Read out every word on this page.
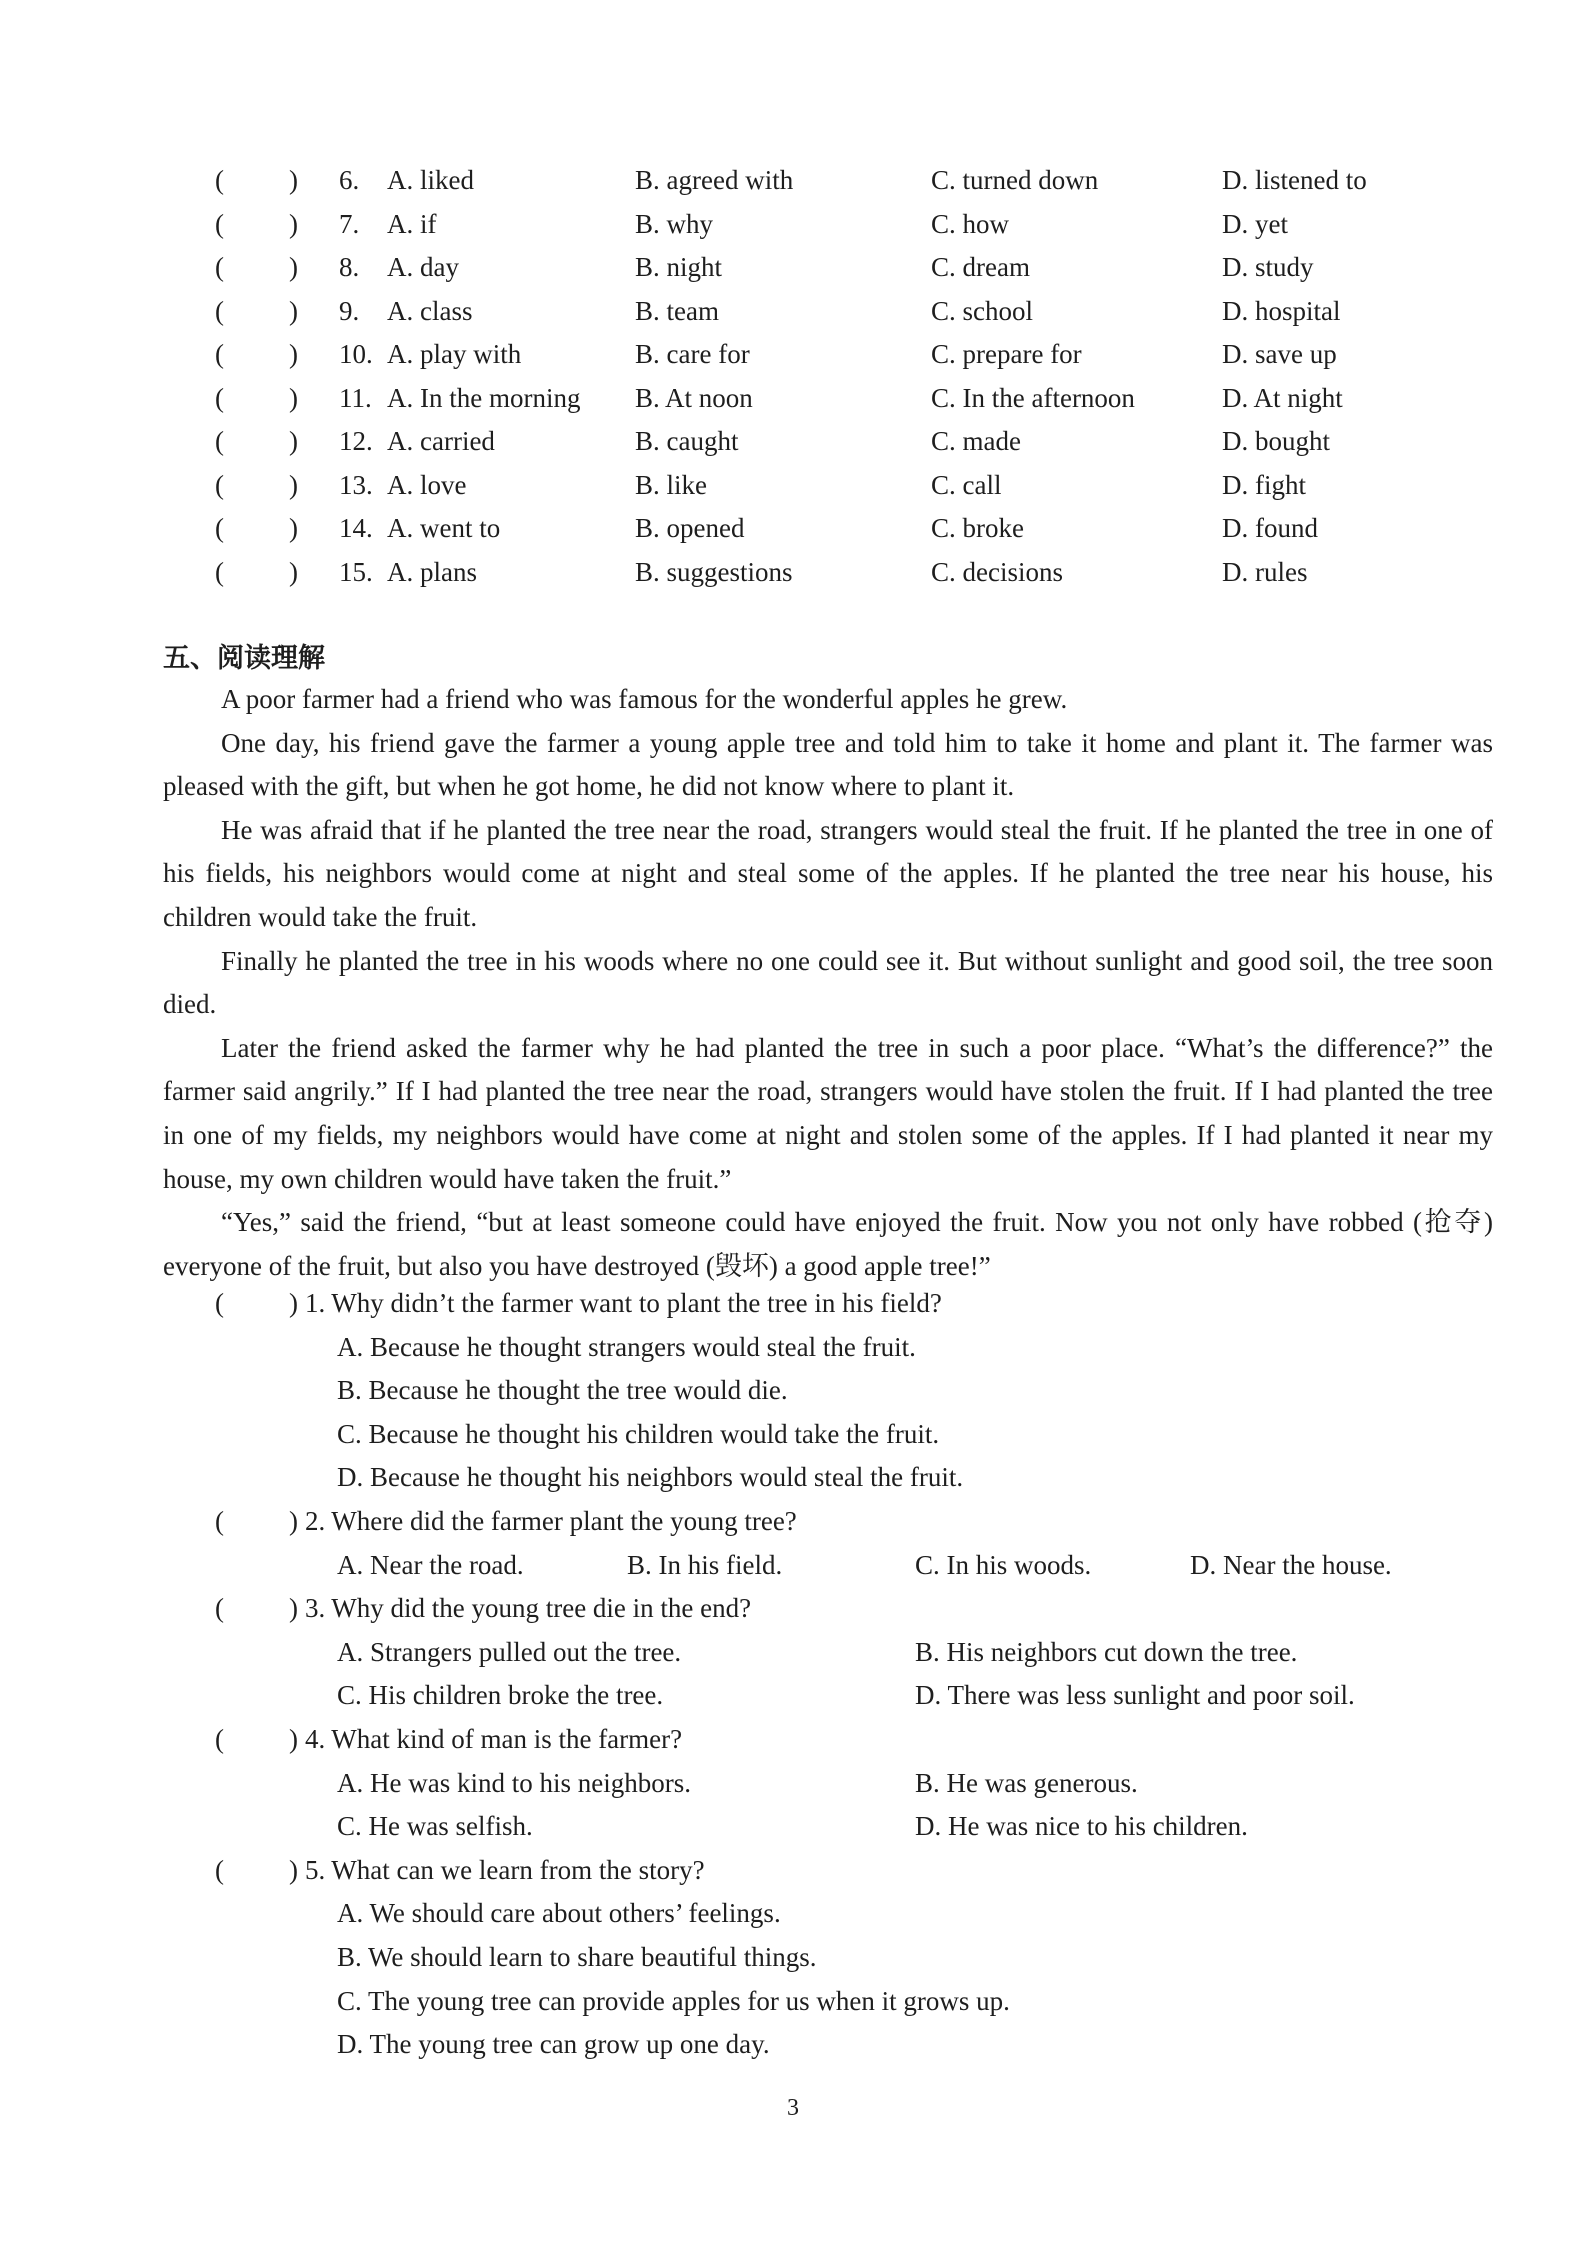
( ) 6. A. liked	B. agreed with	C. turned down	D. listened to
( ) 7. A. if	B. why	C. how	D. yet
( ) 8. A. day	B. night	C. dream	D. study
( ) 9. A. class	B. team	C. school	D. hospital
( ) 10. A. play with	B. care for	C. prepare for	D. save up
( ) 11. A. In the morning B. At noon	C. In the afternoon	D. At night
( ) 12. A. carried	B. caught	C. made	D. bought
( ) 13. A. love	B. like	C. call	D. fight
( ) 14. A. went to	B. opened	C. broke	D. found
( ) 15. A. plans	B. suggestions	C. decisions	D. rules
五、阅读理解

A poor farmer had a friend who was famous for the wonderful apples he grew.

One day, his friend gave the farmer a young apple tree and told him to take it home and plant it. The farmer was pleased with the gift, but when he got home, he did not know where to plant it.

He was afraid that if he planted the tree near the road, strangers would steal the fruit. If he planted the tree in one of his fields, his neighbors would come at night and steal some of the apples. If he planted the tree near his house, his children would take the fruit.

Finally he planted the tree in his woods where no one could see it. But without sunlight and good soil, the tree soon died.

Later the friend asked the farmer why he had planted the tree in such a poor place. “What’s the difference?” the farmer said angrily.” If I had planted the tree near the road, strangers would have stolen the fruit. If I had planted the tree in one of my fields, my neighbors would have come at night and stolen some of the apples. If I had planted it near my house, my own children would have taken the fruit.”

“Yes,” said the friend, “but at least someone could have enjoyed the fruit. Now you not only have robbed (抢夺) everyone of the fruit, but also you have destroyed (毁坏) a good apple tree!”

( ) 1. Why didn’t the farmer want to plant the tree in his field?
A. Because he thought strangers would steal the fruit.
B. Because he thought the tree would die.
C. Because he thought his children would take the fruit.
D. Because he thought his neighbors would steal the fruit.
( ) 2. Where did the farmer plant the young tree?
A. Near the road.	B. In his field.	C. In his woods.	D. Near the house.
( ) 3. Why did the young tree die in the end?
A. Strangers pulled out the tree.	B. His neighbors cut down the tree.
C. His children broke the tree.	D. There was less sunlight and poor soil.
( ) 4. What kind of man is the farmer?
A. He was kind to his neighbors.	B. He was generous.
C. He was selfish.	D. He was nice to his children.
( ) 5. What can we learn from the story?
A. We should care about others’ feelings.
B. We should learn to share beautiful things.
C. The young tree can provide apples for us when it grows up.
D. The young tree can grow up one day.
3
